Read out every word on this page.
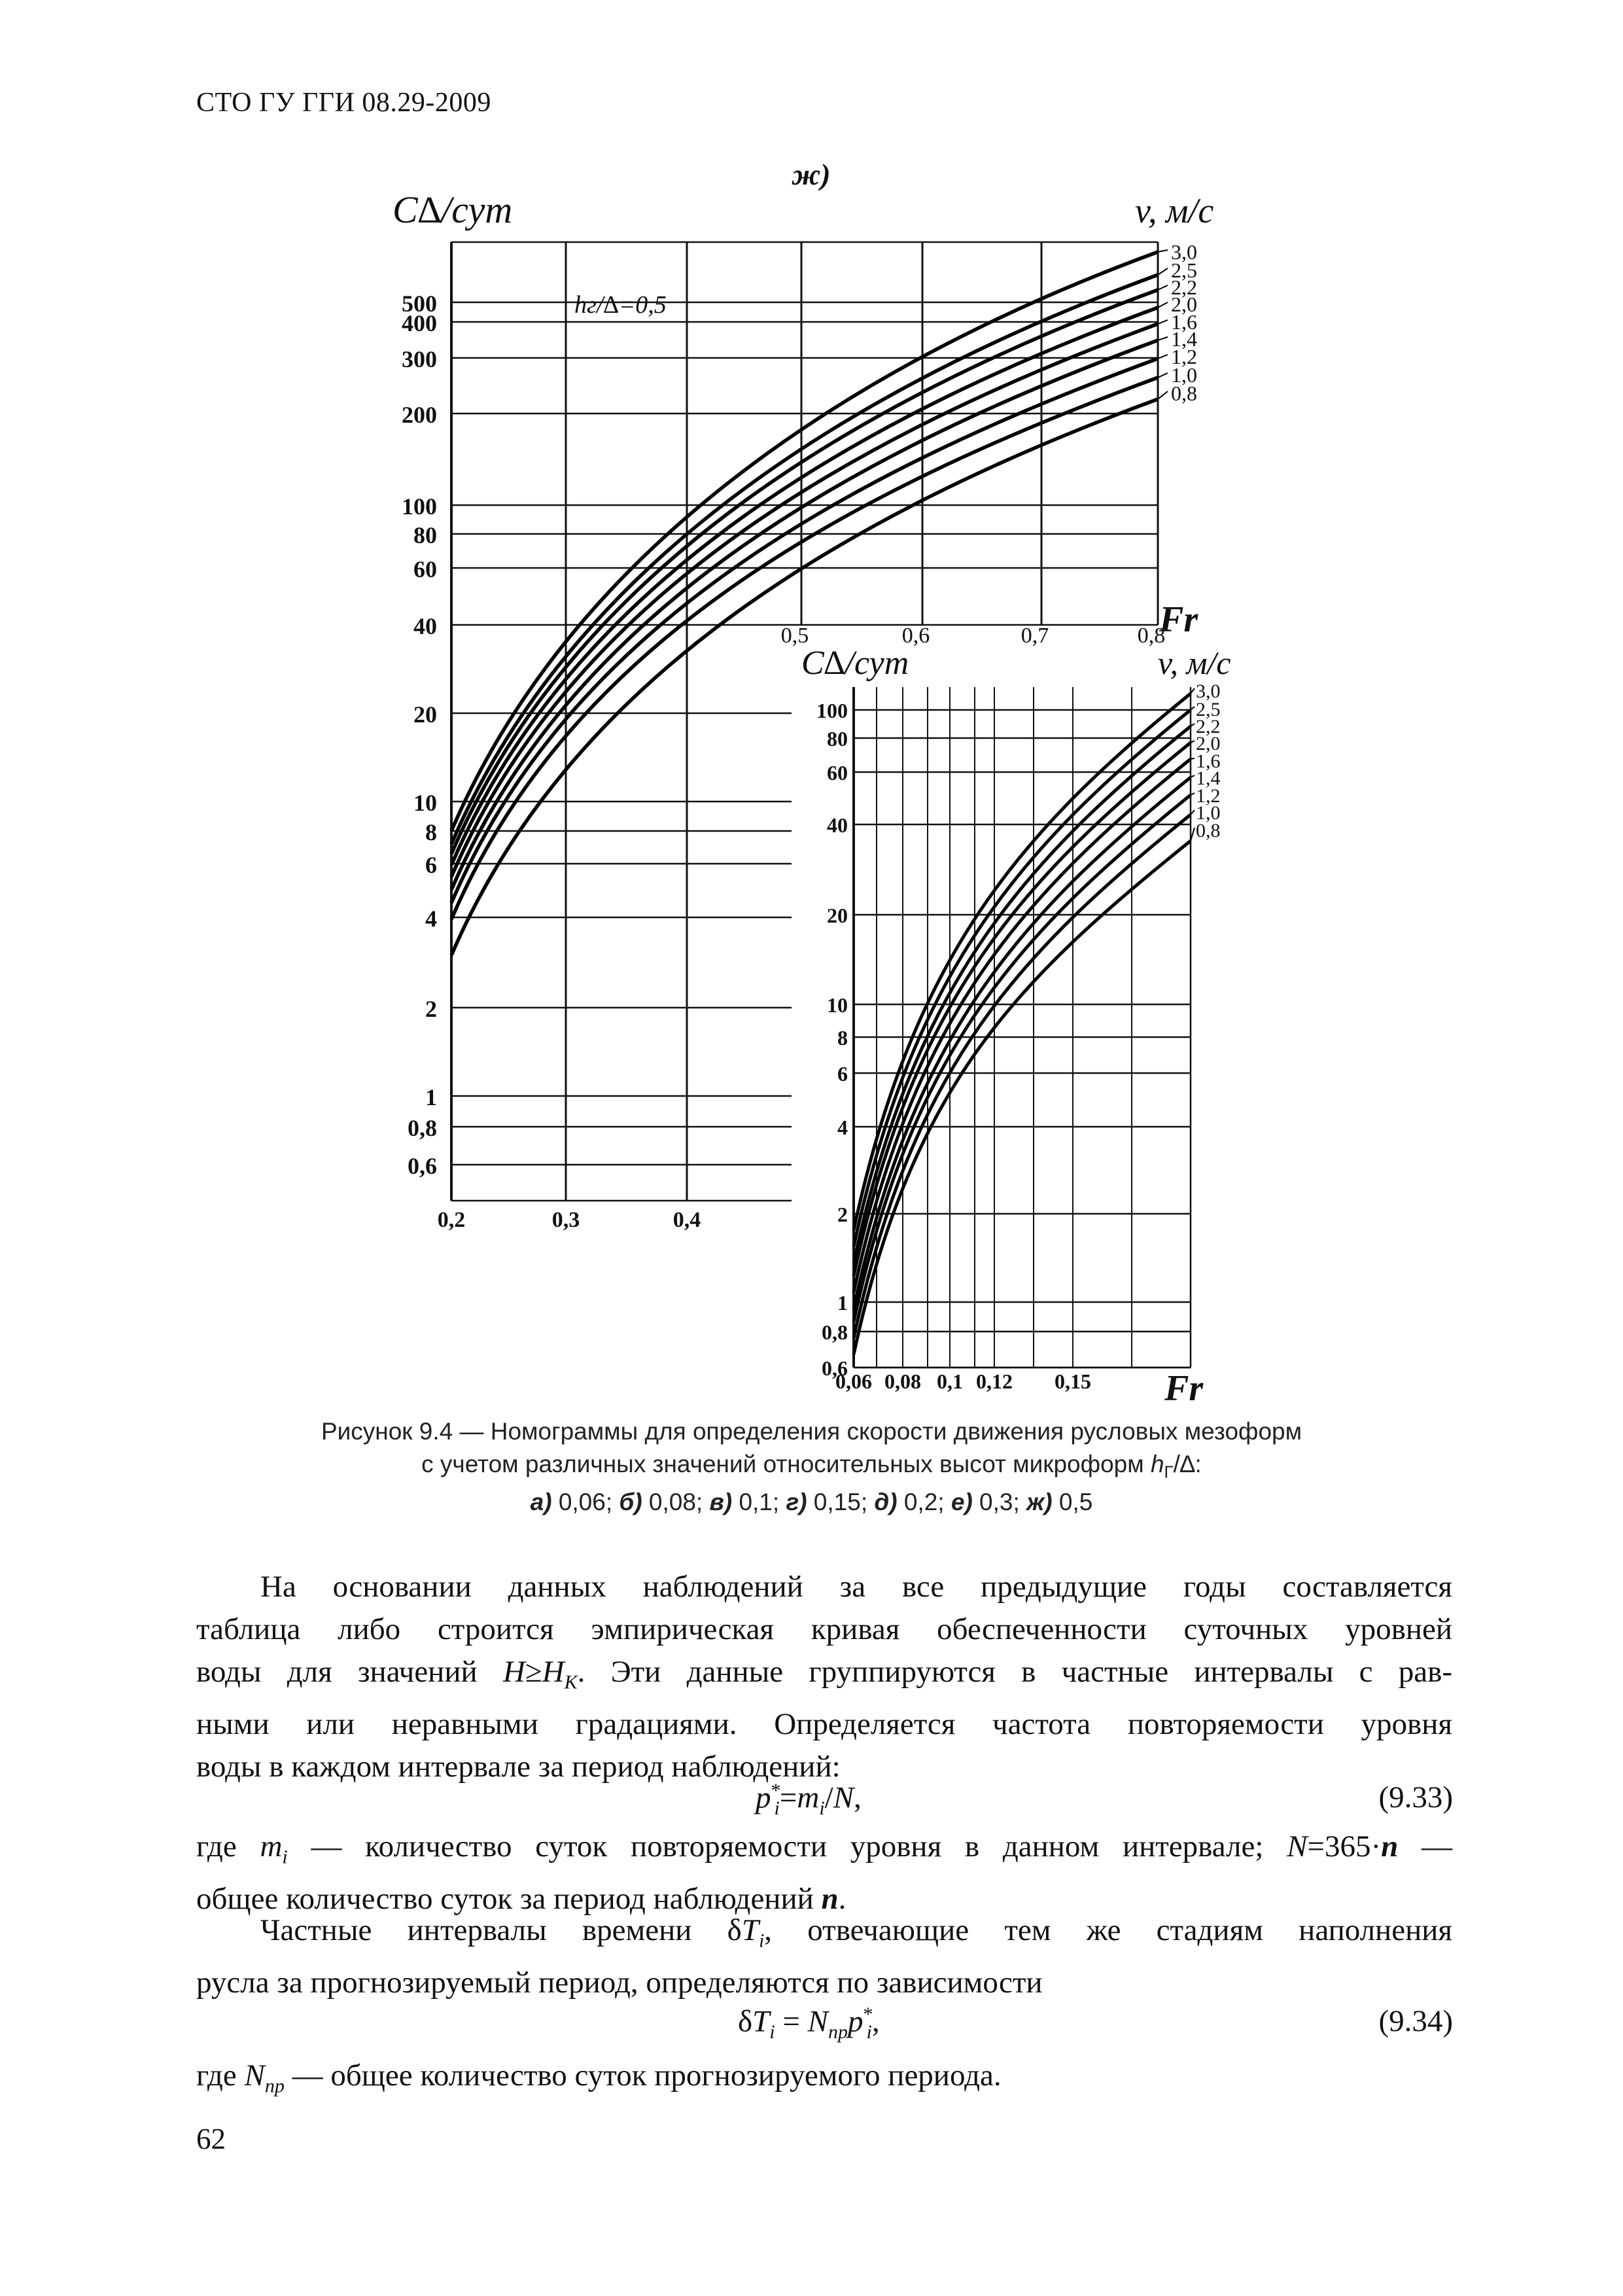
СТО ГУ ГГИ 08.29-2009
500
400
300
200
100
80
60
40
20
10
8
6
4
2
1
0,8
0,6
0,2	0,3	0,4
0,5	0,6	0,7	0,8
ж)
C∆/сут	v, м/с
hг/∆=0,5
Fr
3,0
2,5
2,2
2,0
1,6
1,4
1,2
1,0
0,8
100
80
60
40
20
10
8
6
4
2
1
0,8
0,6
0,06 0,08 0,1 0,12 0,15
C∆/сут	v, м/с
Fr
3,0
2,5
2,2
2,0
1,6
1,4
1,2
1,0
0,8
Рисунок 9.4 — Номограммы для определения скорости движения русловых мезоформ
с учетом различных значений относительных высот микроформ $h_Г/\Delta$:
а) 0,06; б) 0,08; в) 0,1; г) 0,15; д) 0,2; е) 0,3; ж) 0,5
На основании данных наблюдений за все предыдущие годы составляется
таблица либо строится эмпирическая кривая обеспеченности суточных уровней
воды для значений $H\ge H_K$. Эти данные группируются в частные интервалы с рав-
ными или неравными градациями. Определяется частота повторяемости уровня
воды в каждом интервале за период наблюдений:
$p^*_i=m_i/N$,	(9.33)
где $m_i$ — количество суток повторяемости уровня в данном интервале; N=365·n —
общее количество суток за период наблюдений n.
Частные интервалы времени $\delta T_i$, отвечающие тем же стадиям наполнения
русла за прогнозируемый период, определяются по зависимости
$\delta T_i = N_{пр}p^*_i$,	(9.34)
где $N_{пр}$ — общее количество суток прогнозируемого периода.
62
